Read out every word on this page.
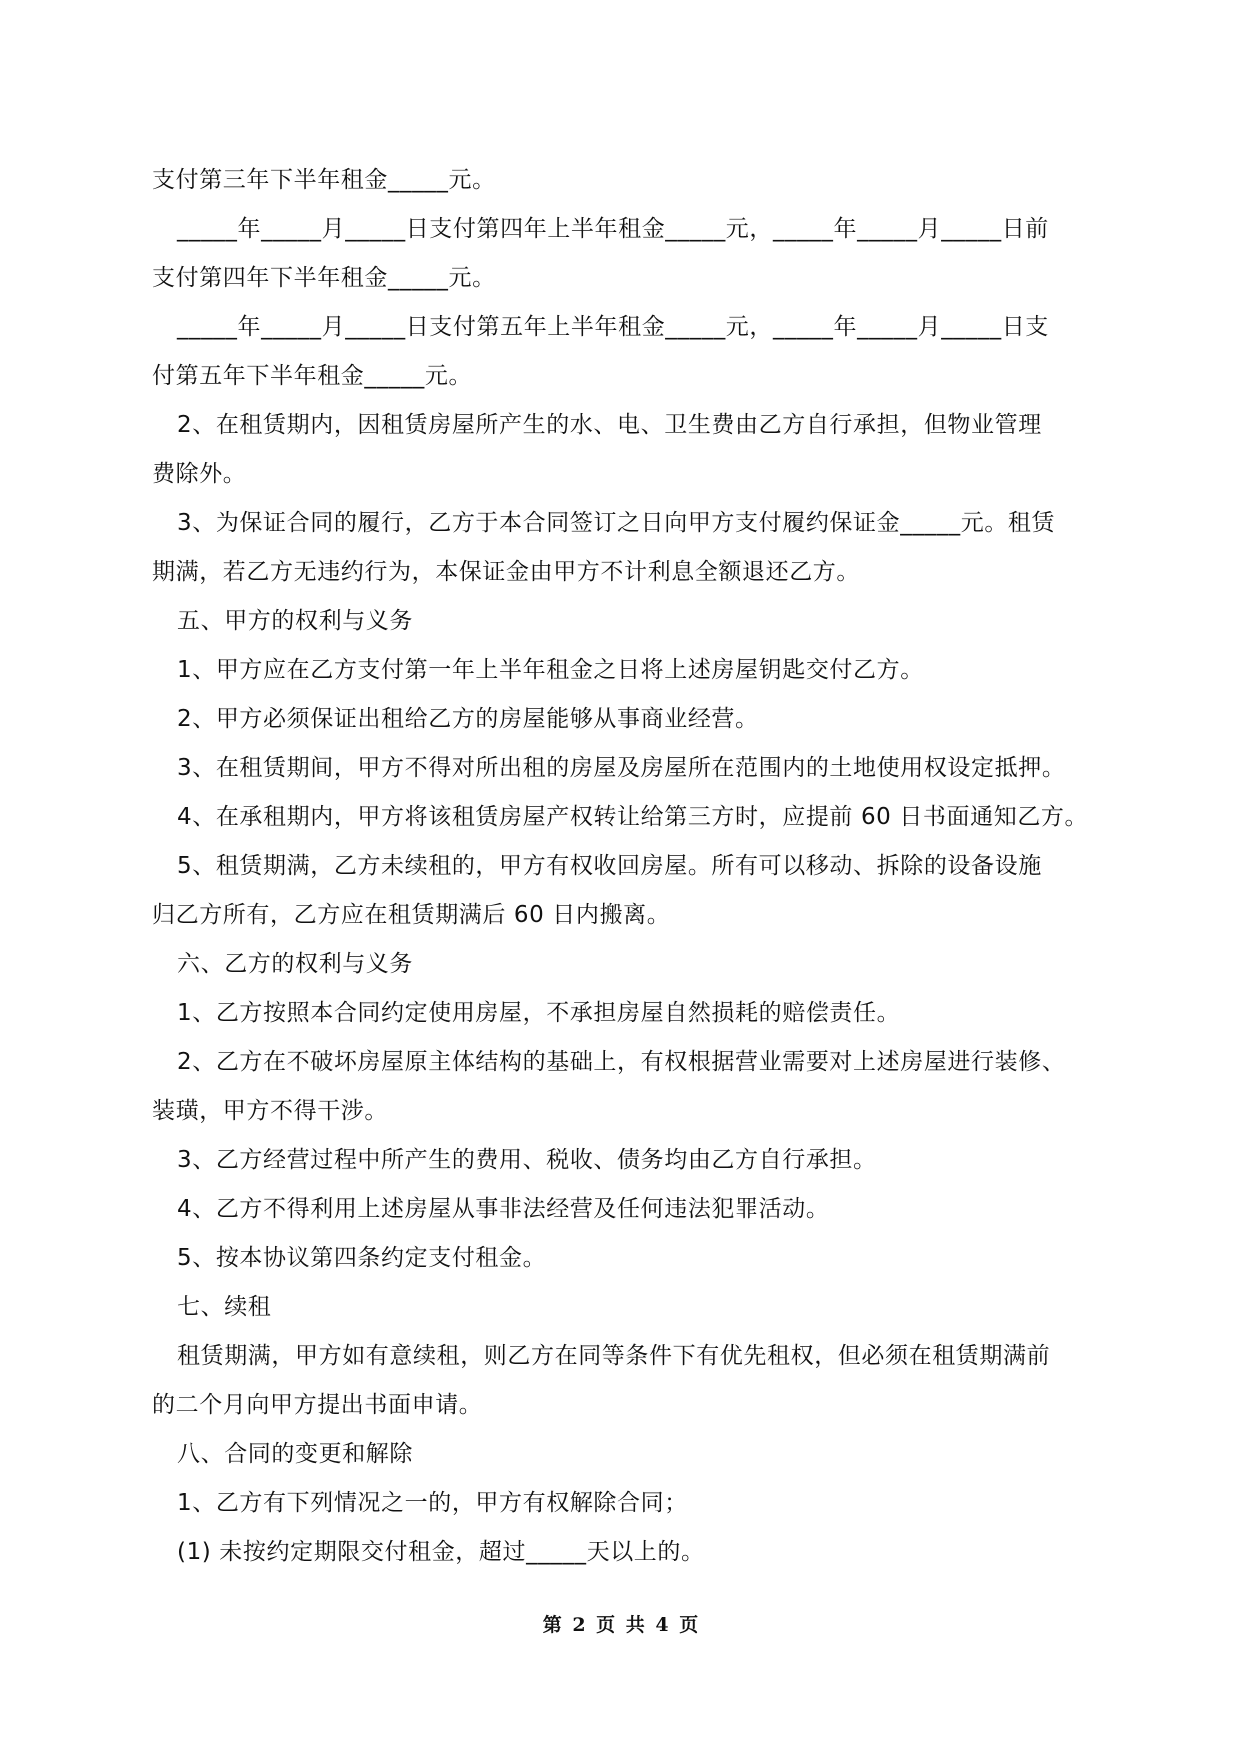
支付第三年下半年租金_____元。
_____年_____月_____日支付第四年上半年租金_____元，_____年_____月_____日前
支付第四年下半年租金_____元。
_____年_____月_____日支付第五年上半年租金_____元，_____年_____月_____日支
付第五年下半年租金_____元。
2、在租赁期内，因租赁房屋所产生的水、电、卫生费由乙方自行承担，但物业管理
费除外。
3、为保证合同的履行，乙方于本合同签订之日向甲方支付履约保证金_____元。租赁
期满，若乙方无违约行为，本保证金由甲方不计利息全额退还乙方。
五、甲方的权利与义务
1、甲方应在乙方支付第一年上半年租金之日将上述房屋钥匙交付乙方。
2、甲方必须保证出租给乙方的房屋能够从事商业经营。
3、在租赁期间，甲方不得对所出租的房屋及房屋所在范围内的土地使用权设定抵押。
4、在承租期内，甲方将该租赁房屋产权转让给第三方时，应提前 60 日书面通知乙方。
5、租赁期满，乙方未续租的，甲方有权收回房屋。所有可以移动、拆除的设备设施
归乙方所有，乙方应在租赁期满后 60 日内搬离。
六、乙方的权利与义务
1、乙方按照本合同约定使用房屋，不承担房屋自然损耗的赔偿责任。
2、乙方在不破坏房屋原主体结构的基础上，有权根据营业需要对上述房屋进行装修、
装璜，甲方不得干涉。
3、乙方经营过程中所产生的费用、税收、债务均由乙方自行承担。
4、乙方不得利用上述房屋从事非法经营及任何违法犯罪活动。
5、按本协议第四条约定支付租金。
七、续租
租赁期满，甲方如有意续租，则乙方在同等条件下有优先租权，但必须在租赁期满前
的二个月向甲方提出书面申请。
八、合同的变更和解除
1、乙方有下列情况之一的，甲方有权解除合同；
(1) 未按约定期限交付租金，超过_____天以上的。
第 2 页 共 4 页
